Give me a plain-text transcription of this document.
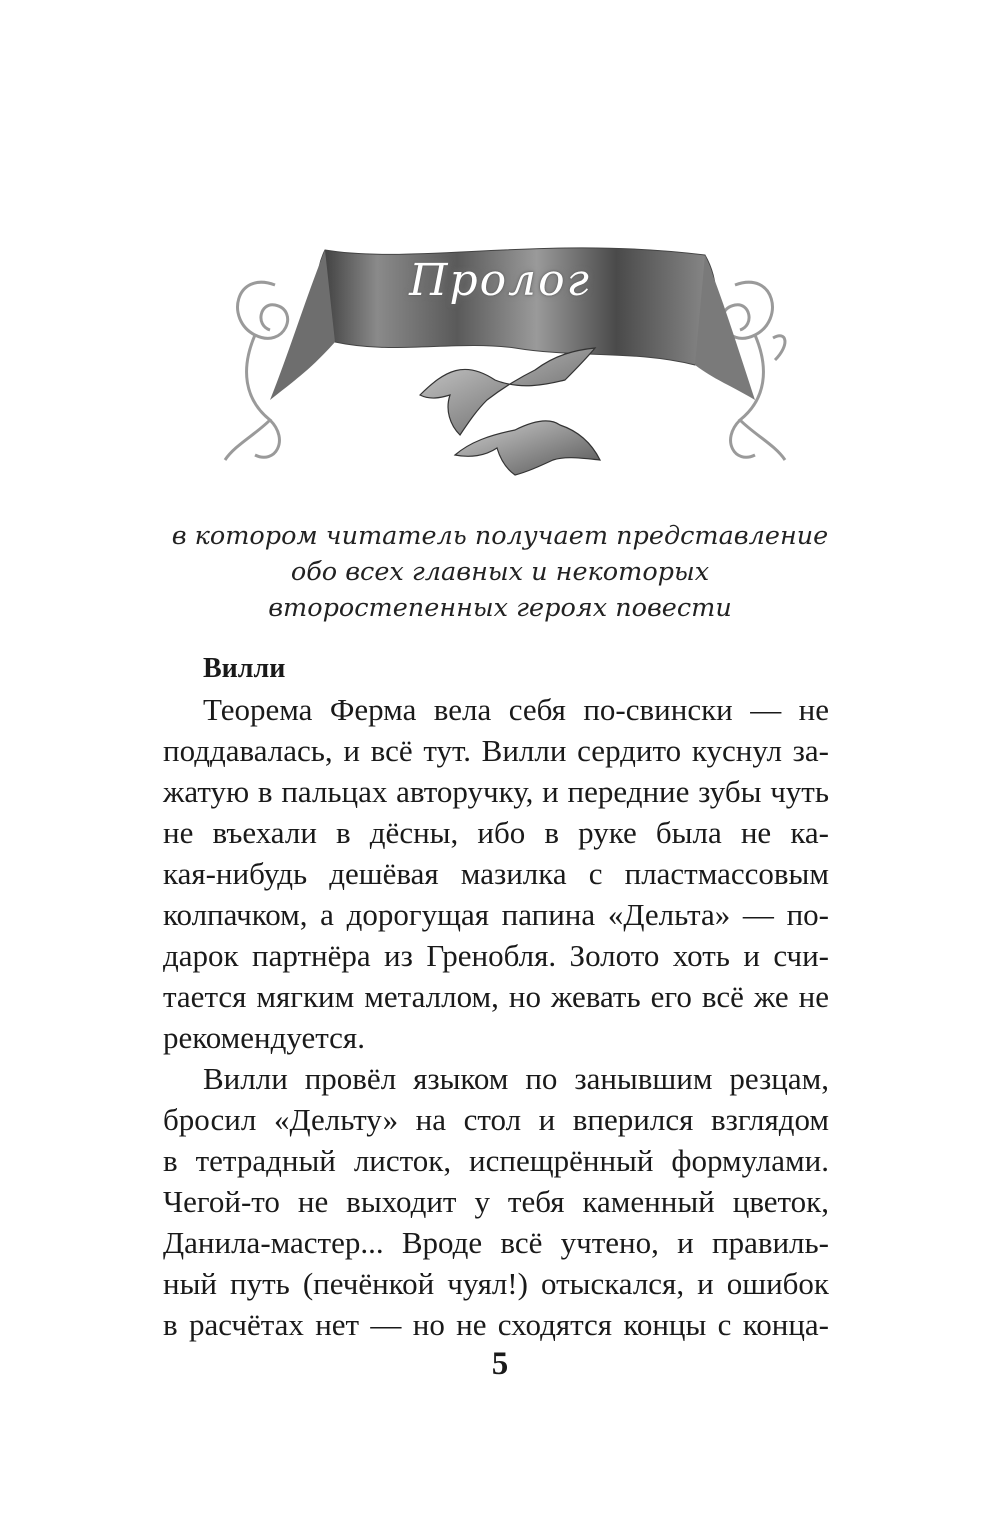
Пролог
в котором читатель получает представление
обо всех главных и некоторых
второстепенных героях повести
Вилли
Теорема Ферма вела себя по-свински — не
поддавалась, и всё тут. Вилли сердито куснул за-
жатую в пальцах авторучку, и передние зубы чуть
не въехали в дёсны, ибо в руке была не ка-
кая-нибудь дешёвая мазилка с пластмассовым
колпачком, а дорогущая папина «Дельта» — по-
дарок партнёра из Гренобля. Золото хоть и счи-
тается мягким металлом, но жевать его всё же не
рекомендуется.
Вилли провёл языком по занывшим резцам,
бросил «Дельту» на стол и вперился взглядом
в тетрадный листок, испещрённый формулами.
Чегой-то не выходит у тебя каменный цветок,
Данила-мастер... Вроде всё учтено, и правиль-
ный путь (печёнкой чуял!) отыскался, и ошибок
в расчётах нет — но не сходятся концы с конца-
5
